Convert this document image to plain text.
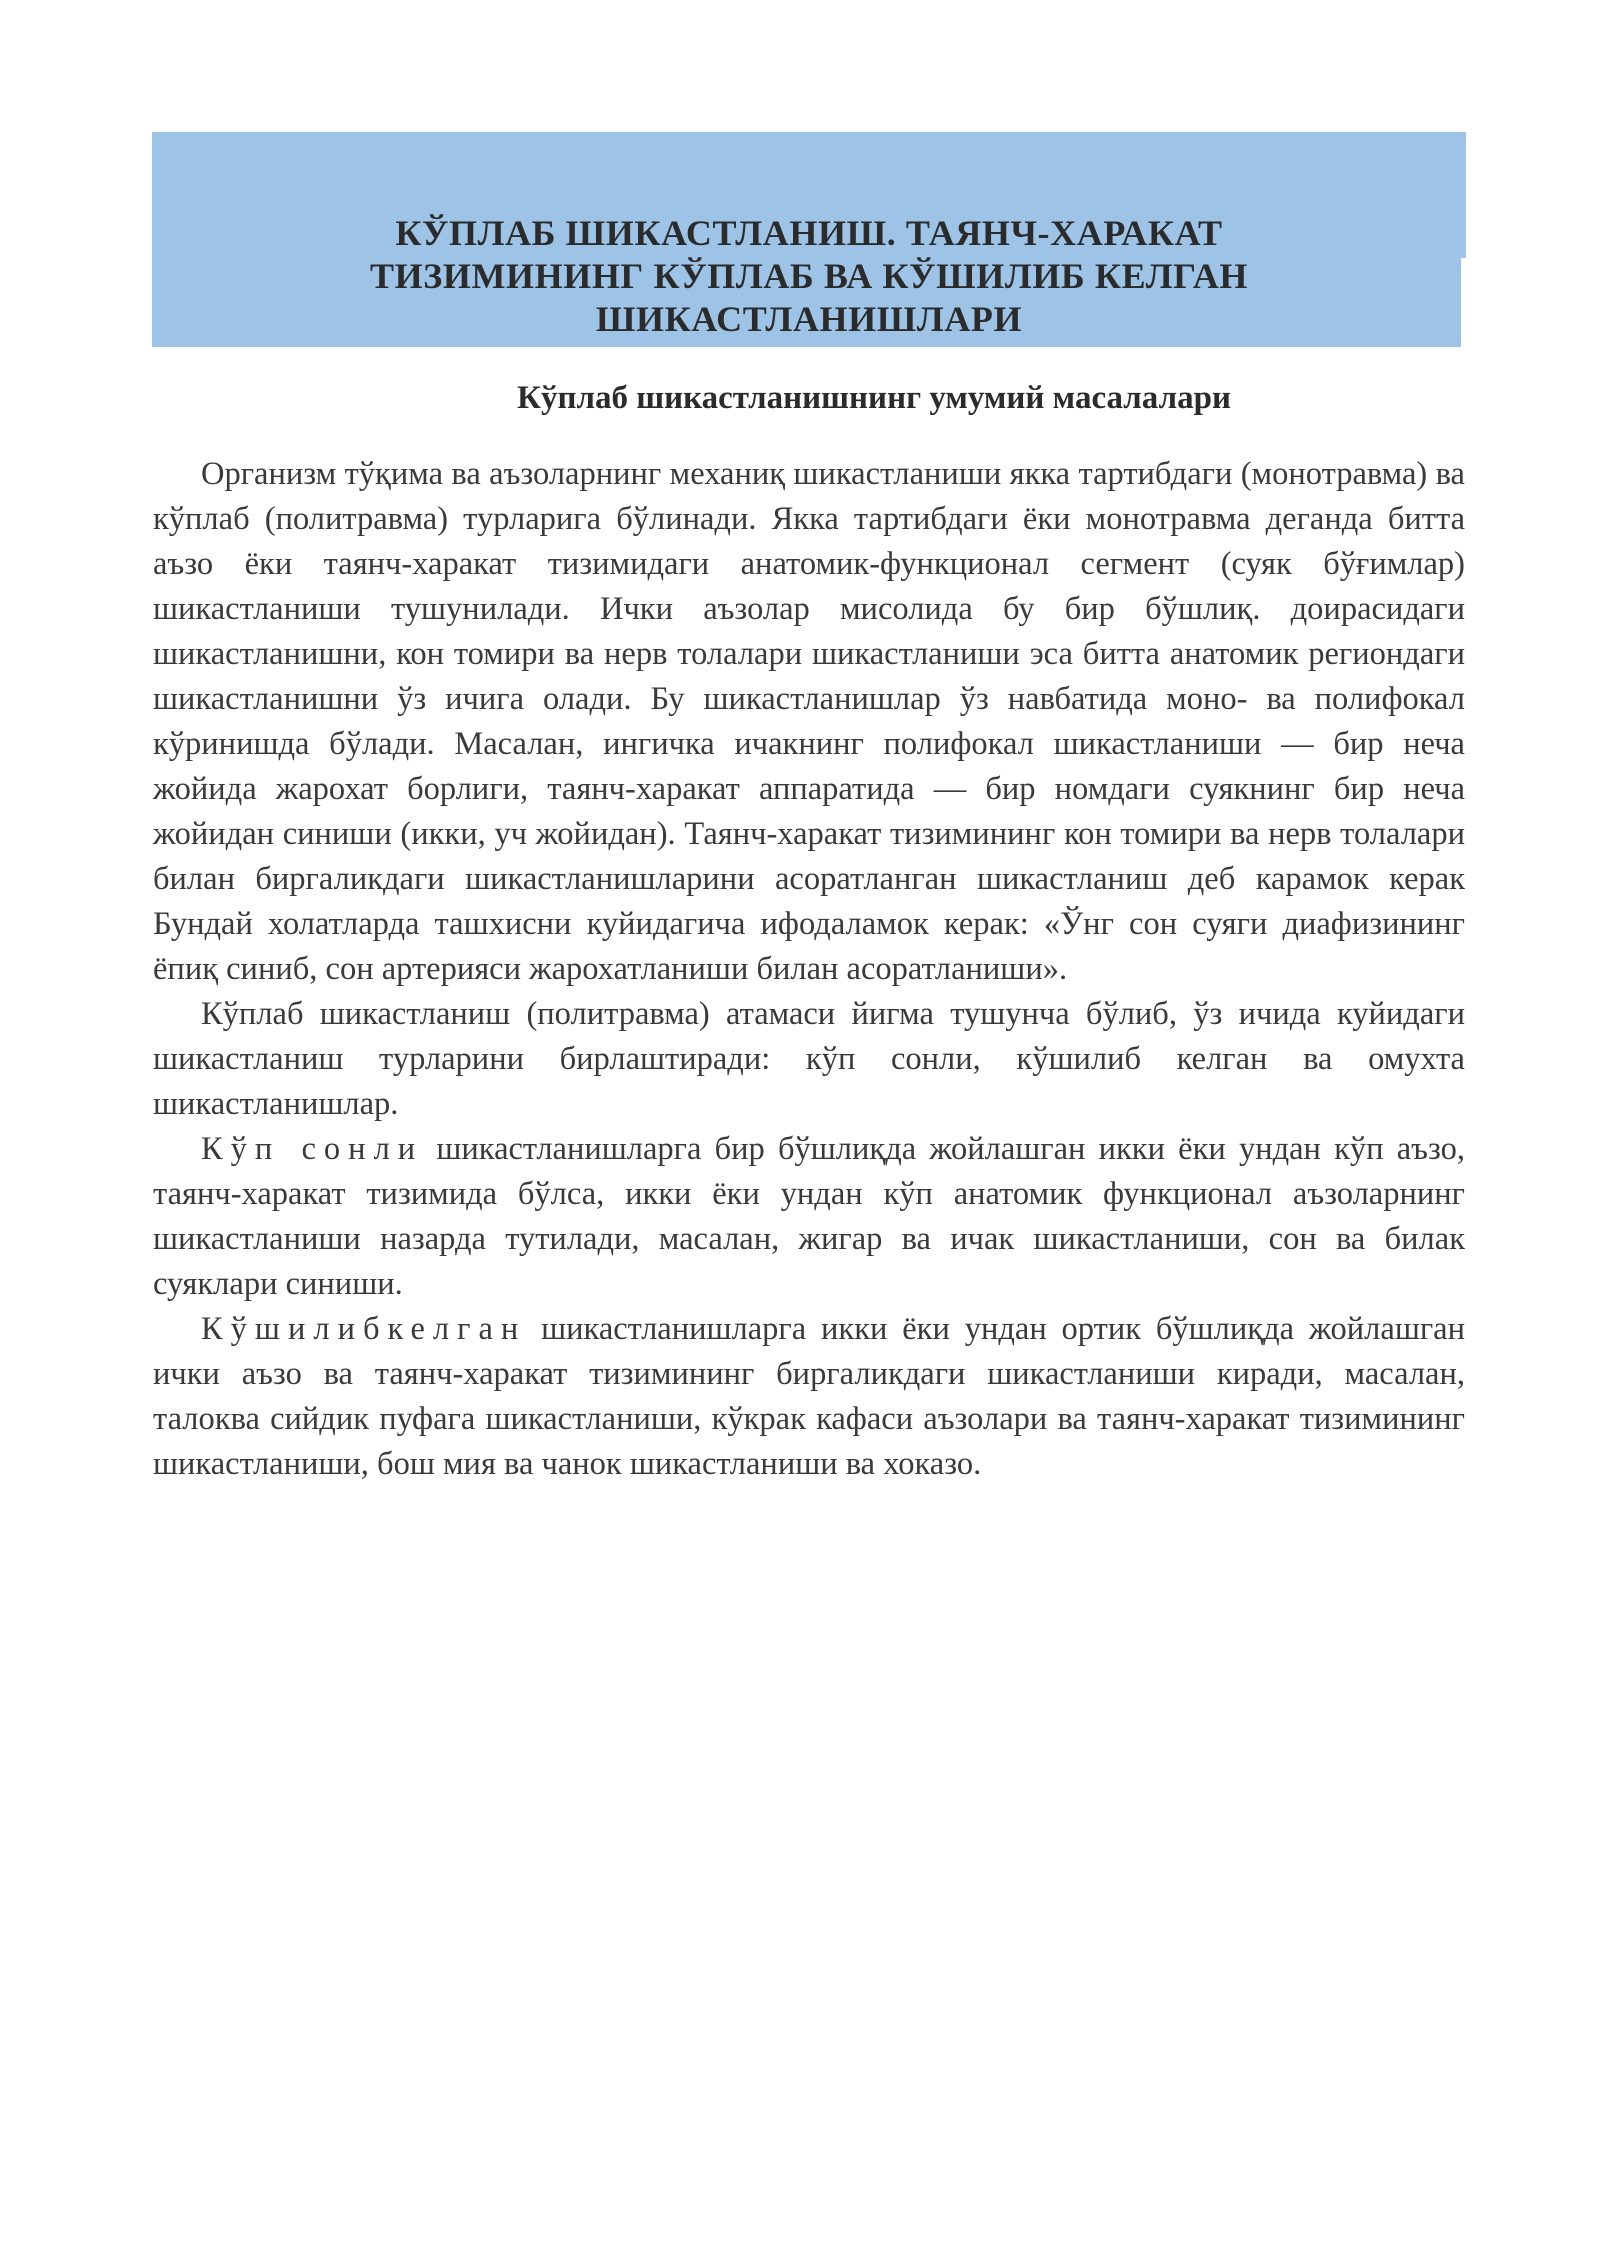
КЎПЛАБ ШИКАСТЛАНИШ. ТАЯНЧ-ХАРАКАТ
ТИЗИМИНИНГ КЎПЛАБ ВА КЎШИЛИБ КЕЛГАН
ШИКАСТЛАНИШЛАРИ
Кўплаб шикастланишнинг умумий масалалари

Организм тўқима ва аъзоларнинг механиқ шикастланиши якка тартибдаги (монотравма) ва кўплаб (политравма) турларига бўлинади. Якка тартибдаги ёки монотравма деганда битта аъзо ёки таянч-харакат тизимидаги анатомик-функционал сегмент (суяк бўғимлар) шикастланиши тушунилади. Ички аъзолар мисолида бу бир бўшлиқ. доирасидаги шикастланишни, кон томири ва нерв толалари шикастланиши эса битта анатомик региондаги шикастланишни ўз ичига олади. Бу шикастланишлар ўз навбатида моно- ва полифокал кўринишда бўлади. Масалан, ингичка ичакнинг полифокал шикастланиши — бир неча жойида жарохат борлиги, таянч-харакат аппаратида — бир номдаги суякнинг бир неча жойидан синиши (икки, уч жойидан). Таянч-харакат тизимининг кон томири ва нерв толалари билан биргаликдаги шикастланишларини асоратланган шикастланиш деб карамок керак Бундай холатларда ташхисни куйидагича ифодаламок керак: «Ўнг сон суяги диафизининг ёпиқ синиб, сон артерияси жарохатланиши билан асоратланиши».

Кўплаб шикастланиш (политравма) атамаси йигма тушунча бўлиб, ўз ичида куйидаги шикастланиш турларини бирлаштиради: кўп сонли, кўшилиб келган ва омухта шикастланишлар.

Кўп сонли шикастланишларга бир бўшлиқда жойлашган икки ёки ундан кўп аъзо, таянч-харакат тизимида бўлса, икки ёки ундан кўп анатомик функционал аъзоларнинг шикастланиши назарда тутилади, масалан, жигар ва ичак шикастланиши, сон ва билак суяклари синиши.

Кўшилибкелган шикастланишларга икки ёки ундан ортик бўшлиқда жойлашган ички аъзо ва таянч-харакат тизимининг биргаликдаги шикастланиши киради, масалан, талоква сийдик пуфага шикастланиши, кўкрак кафаси аъзолари ва таянч-харакат тизимининг шикастланиши, бош мия ва чанок шикастланиши ва хоказо.
